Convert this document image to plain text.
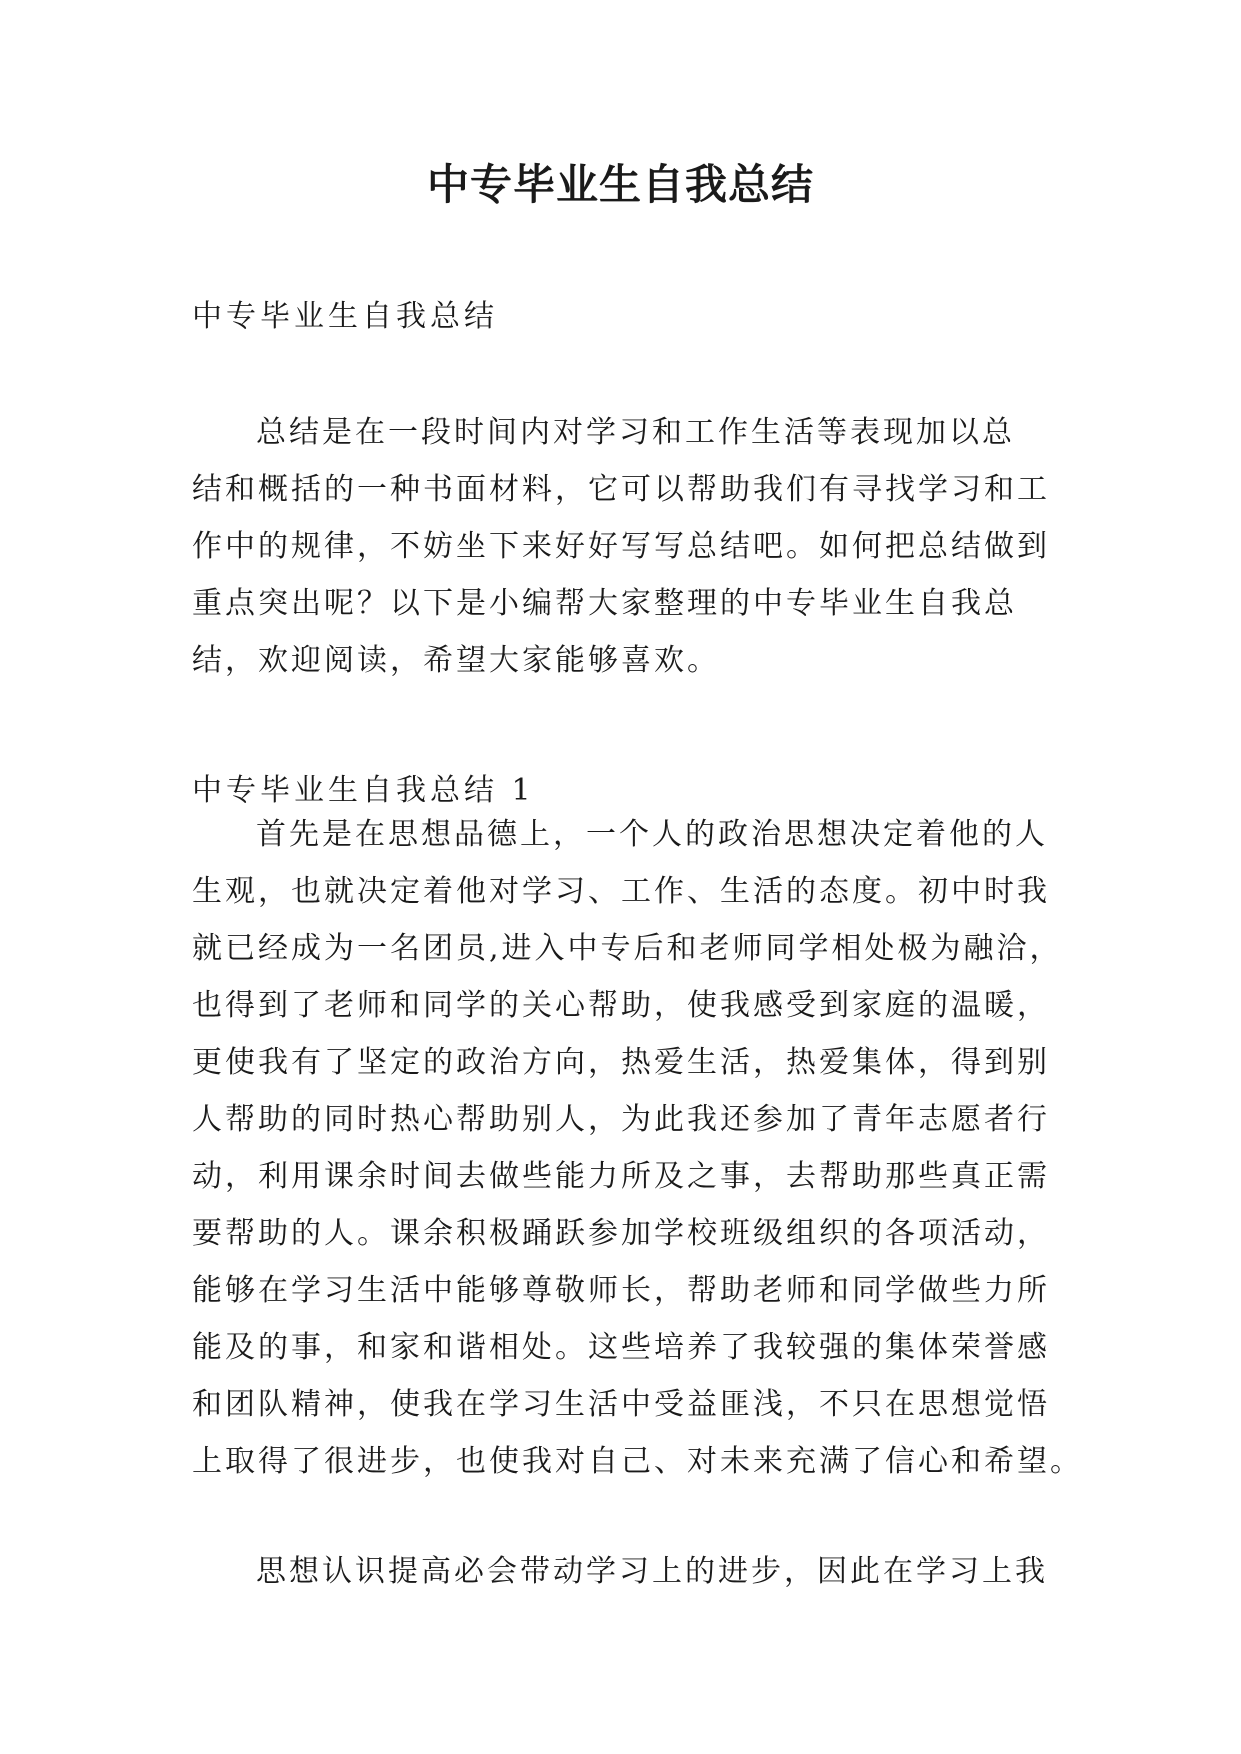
中专毕业生自我总结

中专毕业生自我总结

总结是在一段时间内对学习和工作生活等表现加以总
结和概括的一种书面材料，它可以帮助我们有寻找学习和工
作中的规律，不妨坐下来好好写写总结吧。如何把总结做到
重点突出呢？以下是小编帮大家整理的中专毕业生自我总
结，欢迎阅读，希望大家能够喜欢。

中专毕业生自我总结 1

首先是在思想品德上，一个人的政治思想决定着他的人
生观，也就决定着他对学习、工作、生活的态度。初中时我
就已经成为一名团员,进入中专后和老师同学相处极为融洽，
也得到了老师和同学的关心帮助，使我感受到家庭的温暖，
更使我有了坚定的政治方向，热爱生活，热爱集体，得到别
人帮助的同时热心帮助别人，为此我还参加了青年志愿者行
动，利用课余时间去做些能力所及之事，去帮助那些真正需
要帮助的人。课余积极踊跃参加学校班级组织的各项活动，
能够在学习生活中能够尊敬师长，帮助老师和同学做些力所
能及的事，和家和谐相处。这些培养了我较强的集体荣誉感
和团队精神，使我在学习生活中受益匪浅，不只在思想觉悟
上取得了很进步，也使我对自己、对未来充满了信心和希望。
思想认识提高必会带动学习上的进步，因此在学习上我
